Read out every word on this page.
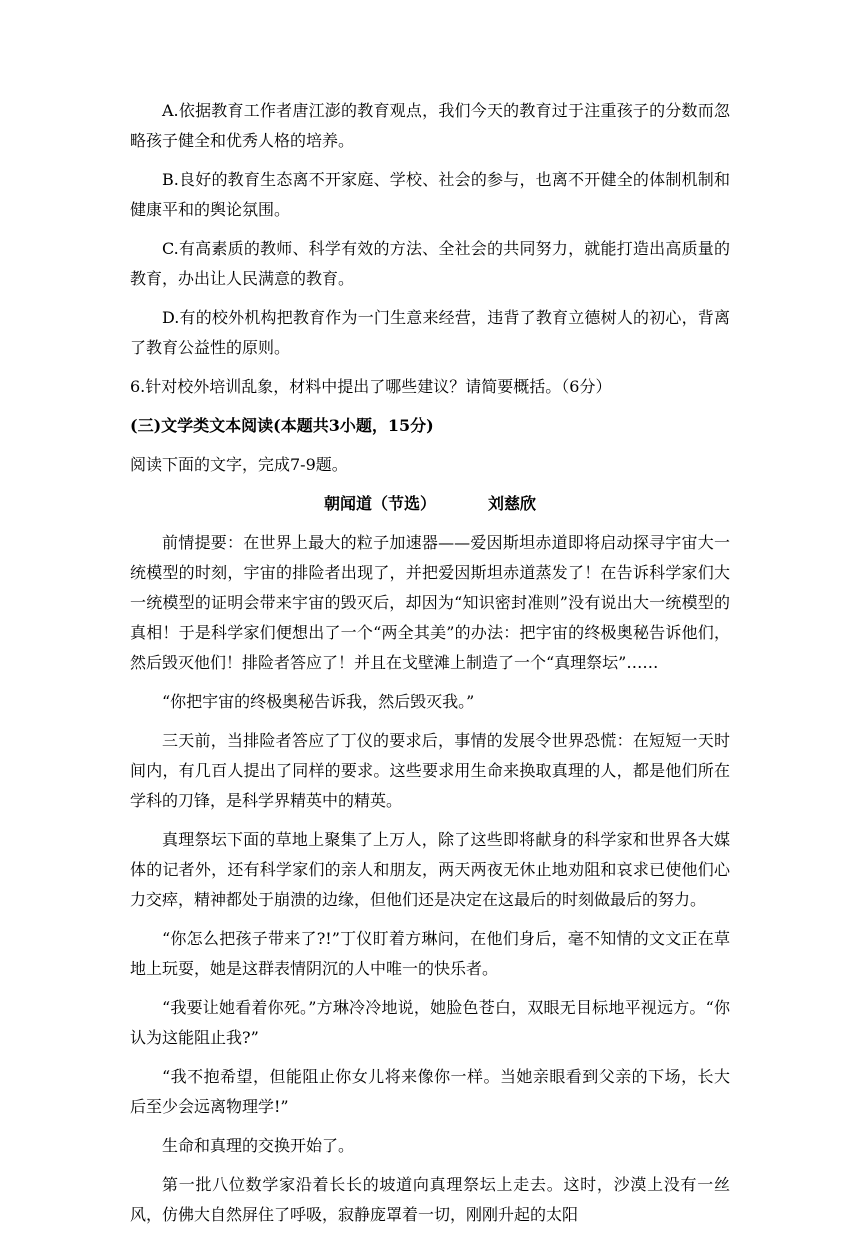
A.依据教育工作者唐江澎的教育观点，我们今天的教育过于注重孩子的分数而忽略孩子健全和优秀人格的培养。

B.良好的教育生态离不开家庭、学校、社会的参与，也离不开健全的体制机制和健康平和的舆论氛围。

C.有高素质的教师、科学有效的方法、全社会的共同努力，就能打造出高质量的教育，办出让人民满意的教育。

D.有的校外机构把教育作为一门生意来经营，违背了教育立德树人的初心，背离了教育公益性的原则。

6.针对校外培训乱象，材料中提出了哪些建议？请简要概括。（6分）

(三)文学类文本阅读(本题共3小题，15分)

阅读下面的文字，完成7-9题。

朝闻道（节选）	刘慈欣

前情提要：在世界上最大的粒子加速器——爱因斯坦赤道即将启动探寻宇宙大一统模型的时刻，宇宙的排险者出现了，并把爱因斯坦赤道蒸发了！在告诉科学家们大一统模型的证明会带来宇宙的毁灭后，却因为“知识密封准则”没有说出大一统模型的真相！于是科学家们便想出了一个“两全其美”的办法：把宇宙的终极奥秘告诉他们，然后毁灭他们！排险者答应了！并且在戈壁滩上制造了一个“真理祭坛”……

“你把宇宙的终极奥秘告诉我，然后毁灭我。”

三天前，当排险者答应了丁仪的要求后，事情的发展令世界恐慌：在短短一天时间内，有几百人提出了同样的要求。这些要求用生命来换取真理的人，都是他们所在学科的刀锋，是科学界精英中的精英。

真理祭坛下面的草地上聚集了上万人，除了这些即将献身的科学家和世界各大媒体的记者外，还有科学家们的亲人和朋友，两天两夜无休止地劝阻和哀求已使他们心力交瘁，精神都处于崩溃的边缘，但他们还是决定在这最后的时刻做最后的努力。

“你怎么把孩子带来了?!”丁仪盯着方琳问，在他们身后，毫不知情的文文正在草地上玩耍，她是这群表情阴沉的人中唯一的快乐者。

“我要让她看着你死。”方琳冷冷地说，她脸色苍白，双眼无目标地平视远方。“你认为这能阻止我?”

“我不抱希望，但能阻止你女儿将来像你一样。当她亲眼看到父亲的下场，长大后至少会远离物理学!”

生命和真理的交换开始了。

第一批八位数学家沿着长长的坡道向真理祭坛上走去。这时，沙漠上没有一丝风，仿佛大自然屏住了呼吸，寂静庞罩着一切，刚刚升起的太阳
